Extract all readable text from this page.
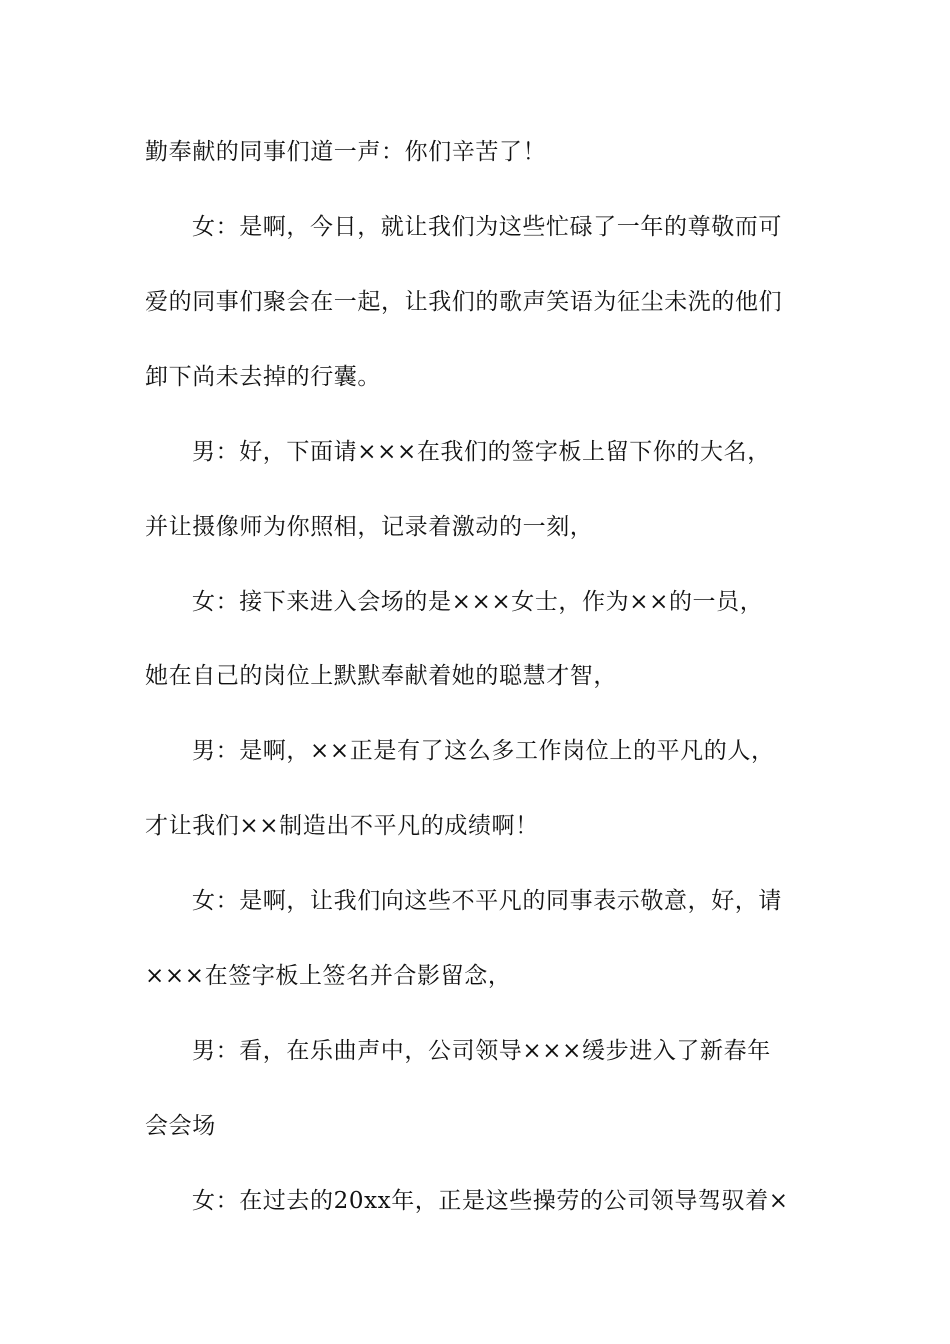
勤奉献的同事们道一声：你们辛苦了！
女：是啊，今日，就让我们为这些忙碌了一年的尊敬而可
爱的同事们聚会在一起，让我们的歌声笑语为征尘未洗的他们
卸下尚未去掉的行囊。
男：好，下面请×××在我们的签字板上留下你的大名，
并让摄像师为你照相，记录着激动的一刻，
女：接下来进入会场的是×××女士，作为××的一员，
她在自己的岗位上默默奉献着她的聪慧才智，
男：是啊，××正是有了这么多工作岗位上的平凡的人，
才让我们××制造出不平凡的成绩啊！
女：是啊，让我们向这些不平凡的同事表示敬意，好，请
×××在签字板上签名并合影留念，
男：看，在乐曲声中，公司领导×××缓步进入了新春年
会会场
女：在过去的20xx年，正是这些操劳的公司领导驾驭着×
